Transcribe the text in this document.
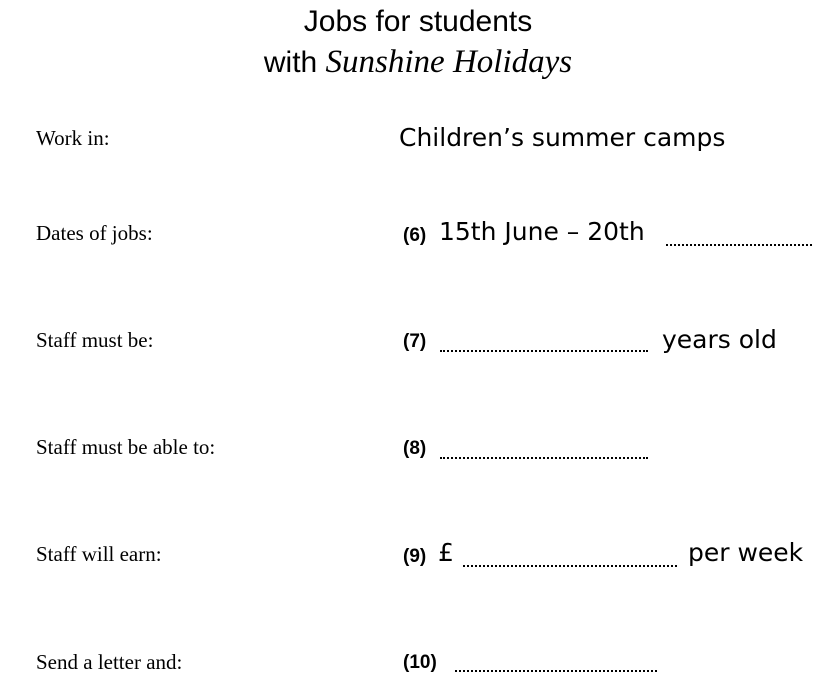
Jobs for students
with Sunshine Holidays
Work in:	Children’s summer camps
Dates of jobs:	(6) 15th June – 20th
Staff must be:	(7)	years old
Staff must be able to:	(8)
Staff will earn:	(9) £	per week
Send a letter and:	(10)
